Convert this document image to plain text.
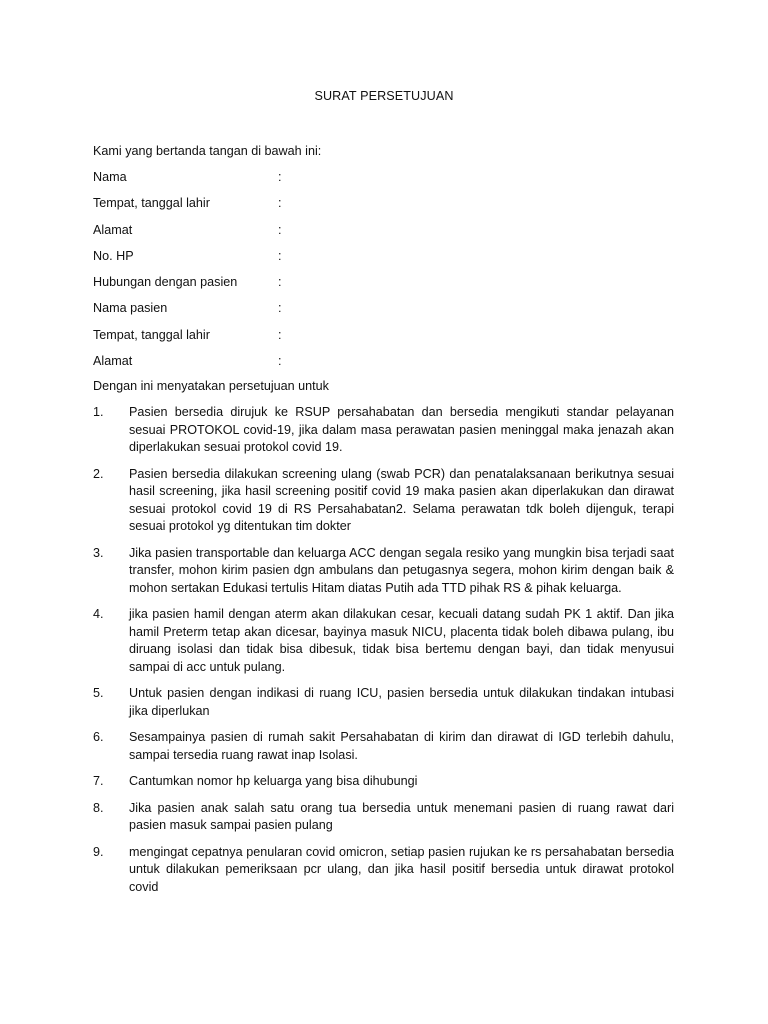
SURAT PERSETUJUAN
Kami yang bertanda tangan di bawah ini:
Nama	:
Tempat, tanggal lahir	:
Alamat	:
No. HP	:
Hubungan dengan pasien	:
Nama pasien	:
Tempat, tanggal lahir	:
Alamat	:
Dengan ini menyatakan persetujuan untuk
1.	Pasien bersedia dirujuk ke RSUP persahabatan dan bersedia mengikuti standar pelayanan sesuai PROTOKOL covid-19, jika dalam masa perawatan pasien meninggal maka jenazah akan diperlakukan sesuai protokol covid 19.
2.	Pasien bersedia dilakukan screening ulang (swab PCR) dan penatalaksanaan berikutnya sesuai hasil screening, jika hasil screening positif covid 19 maka pasien akan diperlakukan dan dirawat sesuai protokol covid 19 di RS Persahabatan2. Selama perawatan tdk boleh dijenguk, terapi sesuai protokol yg ditentukan tim dokter
3.	Jika pasien transportable dan keluarga ACC dengan segala resiko yang mungkin bisa terjadi saat transfer, mohon kirim pasien dgn ambulans dan petugasnya segera, mohon kirim dengan baik & mohon sertakan Edukasi tertulis Hitam diatas Putih ada TTD pihak RS & pihak keluarga.
4.	jika pasien hamil dengan aterm akan dilakukan cesar, kecuali datang sudah PK 1 aktif. Dan jika hamil Preterm tetap akan dicesar, bayinya masuk NICU, placenta tidak boleh dibawa pulang, ibu diruang isolasi dan tidak bisa dibesuk, tidak bisa bertemu dengan bayi, dan tidak menyusui sampai di acc untuk pulang.
5.	Untuk pasien dengan indikasi di ruang ICU, pasien bersedia untuk dilakukan tindakan intubasi jika diperlukan
6.	Sesampainya pasien di rumah sakit Persahabatan di kirim dan dirawat di IGD terlebih dahulu, sampai tersedia ruang rawat inap Isolasi.
7.	Cantumkan nomor hp keluarga yang bisa dihubungi
8.	Jika pasien anak salah satu orang tua bersedia untuk menemani pasien di ruang rawat dari pasien masuk sampai pasien pulang
9.	mengingat cepatnya penularan covid omicron, setiap pasien rujukan ke rs persahabatan bersedia untuk dilakukan pemeriksaan pcr ulang, dan jika hasil positif bersedia untuk dirawat protokol covid
